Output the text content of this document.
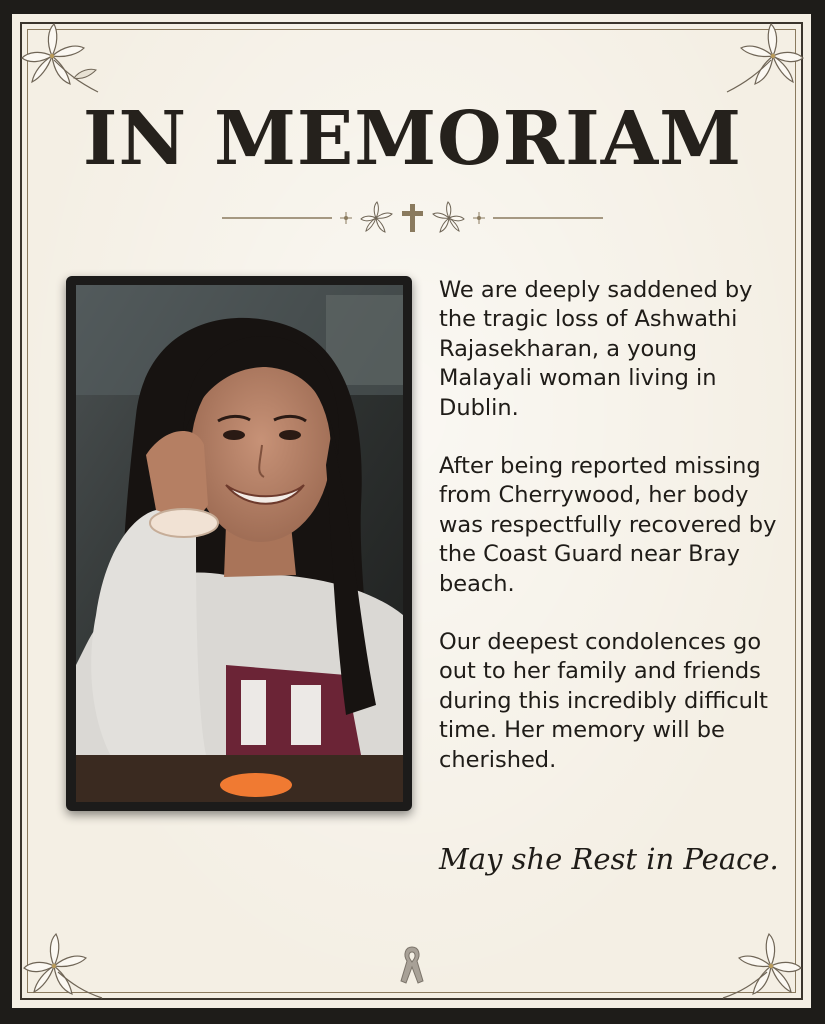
IN MEMORIAM

We are deeply saddened by the tragic loss of Ashwathi Rajasekharan, a young Malayali woman living in Dublin.

After being reported missing from Cherrywood, her body was respectfully recovered by the Coast Guard near Bray beach.

Our deepest condolences go out to her family and friends during this incredibly difficult time. Her memory will be cherished.

May she Rest in Peace.
